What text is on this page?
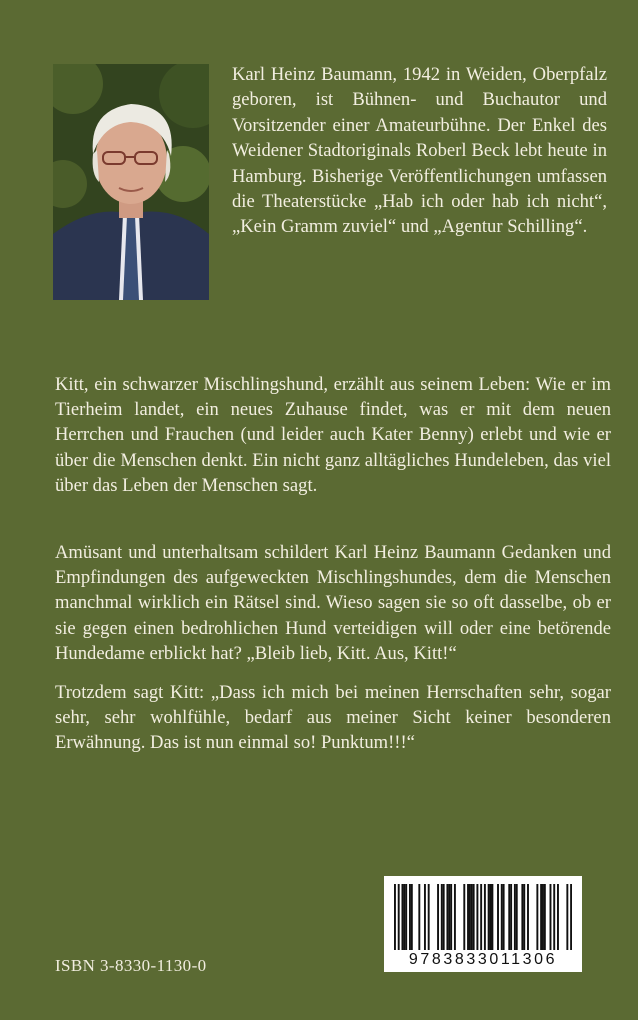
Karl Heinz Baumann, 1942 in Weiden, Oberpfalz geboren, ist Bühnen- und Buchautor und Vorsitzender einer Amateurbühne. Der Enkel des Weidener Stadtoriginals Roberl Beck lebt heute in Hamburg. Bisherige Veröffentlichungen umfassen die Theaterstücke „Hab ich oder hab ich nicht“, „Kein Gramm zuviel“ und „Agentur Schilling“.

Kitt, ein schwarzer Mischlingshund, erzählt aus seinem Leben: Wie er im Tierheim landet, ein neues Zuhause findet, was er mit dem neuen Herrchen und Frauchen (und leider auch Kater Benny) erlebt und wie er über die Menschen denkt. Ein nicht ganz alltägliches Hundeleben, das viel über das Leben der Menschen sagt.

Amüsant und unterhaltsam schildert Karl Heinz Baumann Gedanken und Empfindungen des aufgeweckten Mischlingshundes, dem die Menschen manchmal wirklich ein Rätsel sind. Wieso sagen sie so oft dasselbe, ob er sie gegen einen bedrohlichen Hund verteidigen will oder eine betörende Hundedame erblickt hat? „Bleib lieb, Kitt. Aus, Kitt!“

Trotzdem sagt Kitt: „Dass ich mich bei meinen Herrschaften sehr, sogar sehr, sehr wohlfühle, bedarf aus meiner Sicht keiner besonderen Erwähnung. Das ist nun einmal so! Punktum!!!“

ISBN 3-8330-1130-0	9783833011306
